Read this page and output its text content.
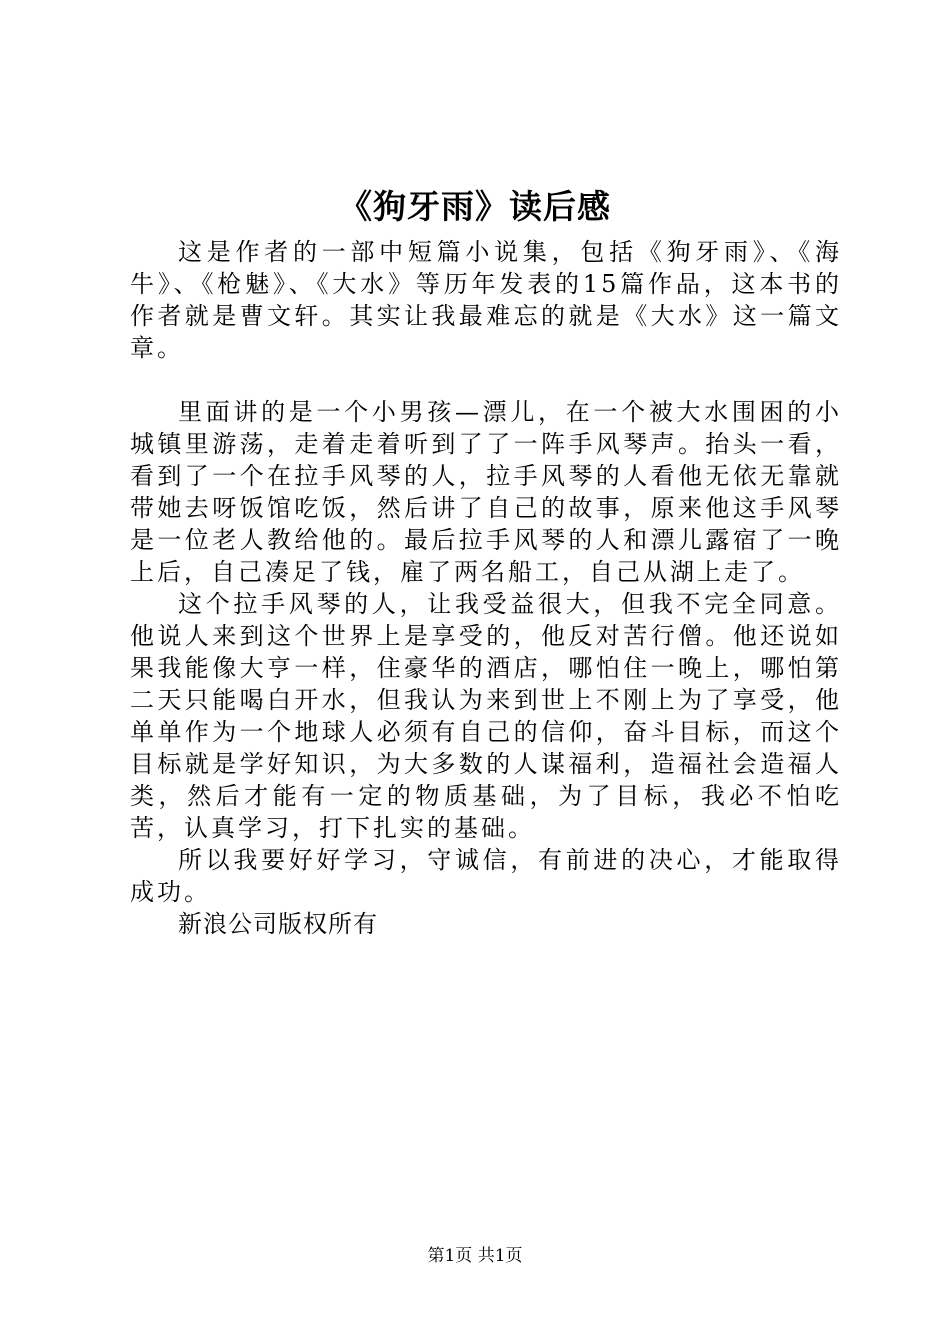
《狗牙雨》读后感

这是作者的一部中短篇小说集，包括《狗牙雨》、《海牛》、《枪魅》、《大水》等历年发表的15篇作品，这本书的作者就是曹文轩。其实让我最难忘的就是《大水》这一篇文章。

里面讲的是一个小男孩—漂儿，在一个被大水围困的小城镇里游荡，走着走着听到了了一阵手风琴声。抬头一看，看到了一个在拉手风琴的人，拉手风琴的人看他无依无靠就带她去呀饭馆吃饭，然后讲了自己的故事，原来他这手风琴是一位老人教给他的。最后拉手风琴的人和漂儿露宿了一晚上后，自己凑足了钱，雇了两名船工，自己从湖上走了。

这个拉手风琴的人，让我受益很大，但我不完全同意。他说人来到这个世界上是享受的，他反对苦行僧。他还说如果我能像大亨一样，住豪华的酒店，哪怕住一晚上，哪怕第二天只能喝白开水，但我认为来到世上不刚上为了享受，他单单作为一个地球人必须有自己的信仰，奋斗目标，而这个目标就是学好知识，为大多数的人谋福利，造福社会造福人类，然后才能有一定的物质基础，为了目标，我必不怕吃苦，认真学习，打下扎实的基础。

所以我要好好学习，守诚信，有前进的决心，才能取得成功。

新浪公司版权所有

第1页 共1页
